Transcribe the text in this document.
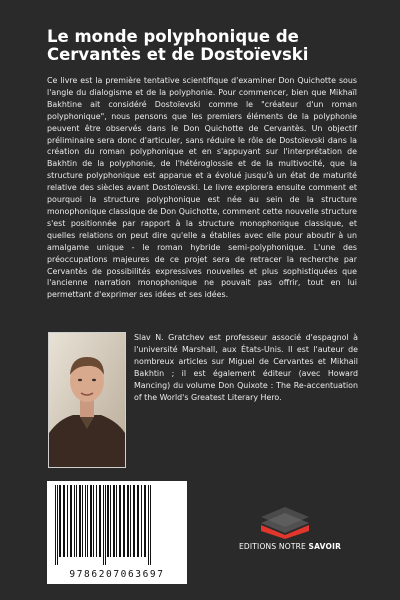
Le monde polyphonique de Cervantès et de Dostoïevski

Ce livre est la première tentative scientifique d'examiner Don Quichotte sous l'angle du dialogisme et de la polyphonie. Pour commencer, bien que Mikhaïl Bakhtine ait considéré Dostoïevski comme le "créateur d'un roman polyphonique", nous pensons que les premiers éléments de la polyphonie peuvent être observés dans le Don Quichotte de Cervantès. Un objectif préliminaire sera donc d'articuler, sans réduire le rôle de Dostoïevski dans la création du roman polyphonique et en s'appuyant sur l'interprétation de Bakhtin de la polyphonie, de l'hétéroglossie et de la multivocité, que la structure polyphonique est apparue et a évolué jusqu'à un état de maturité relative des siècles avant Dostoïevski. Le livre explorera ensuite comment et pourquoi la structure polyphonique est née au sein de la structure monophonique classique de Don Quichotte, comment cette nouvelle structure s'est positionnée par rapport à la structure monophonique classique, et quelles relations on peut dire qu'elle a établies avec elle pour aboutir à un amalgame unique - le roman hybride semi-polyphonique. L'une des préoccupations majeures de ce projet sera de retracer la recherche par Cervantès de possibilités expressives nouvelles et plus sophistiquées que l'ancienne narration monophonique ne pouvait pas offrir, tout en lui permettant d'exprimer ses idées et ses idées.

Slav N. Gratchev est professeur associé d'espagnol à l'université Marshall, aux États-Unis. Il est l'auteur de nombreux articles sur Miguel de Cervantes et Mikhail Bakhtin ; il est également éditeur (avec Howard Mancing) du volume Don Quixote : The Re-accentuation of the World's Greatest Literary Hero.

9786207063697
EDITIONS NOTRE SAVOIR
